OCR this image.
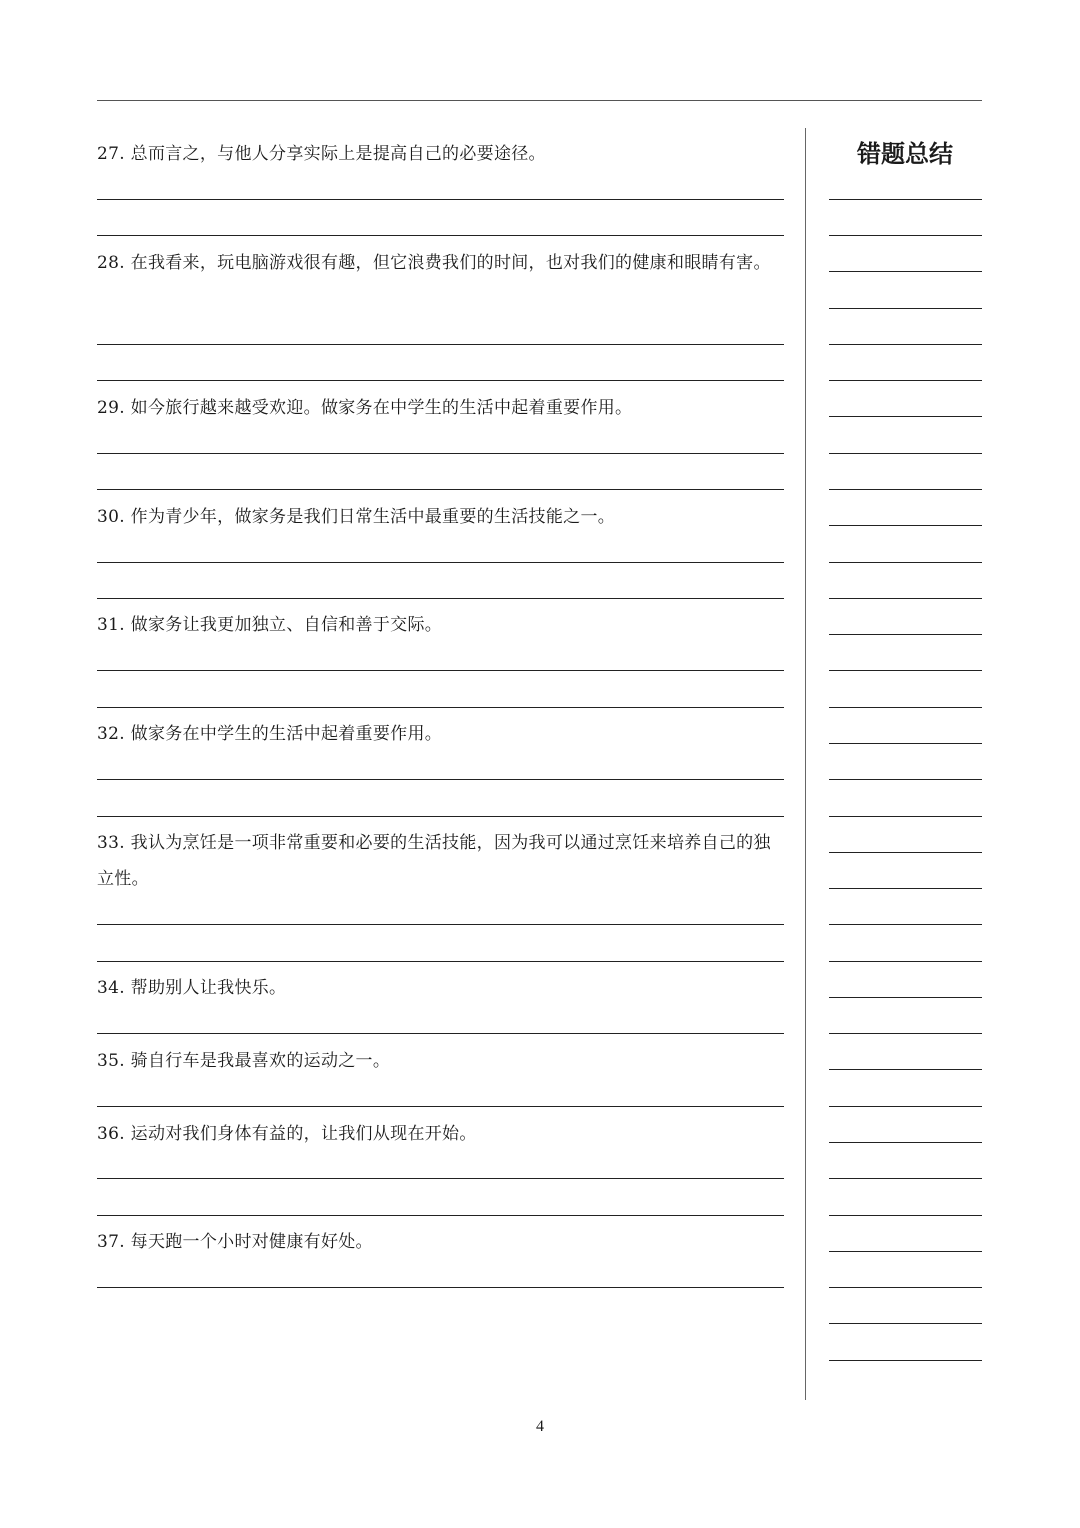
27. 总而言之，与他人分享实际上是提高自己的必要途径。
28. 在我看来，玩电脑游戏很有趣，但它浪费我们的时间，也对我们的健康和眼睛有害。
29. 如今旅行越来越受欢迎。做家务在中学生的生活中起着重要作用。
30. 作为青少年，做家务是我们日常生活中最重要的生活技能之一。
31. 做家务让我更加独立、自信和善于交际。
32. 做家务在中学生的生活中起着重要作用。
33. 我认为烹饪是一项非常重要和必要的生活技能，因为我可以通过烹饪来培养自己的独立性。
34. 帮助别人让我快乐。
35. 骑自行车是我最喜欢的运动之一。
36. 运动对我们身体有益的，让我们从现在开始。
37. 每天跑一个小时对健康有好处。
错题总结
4
